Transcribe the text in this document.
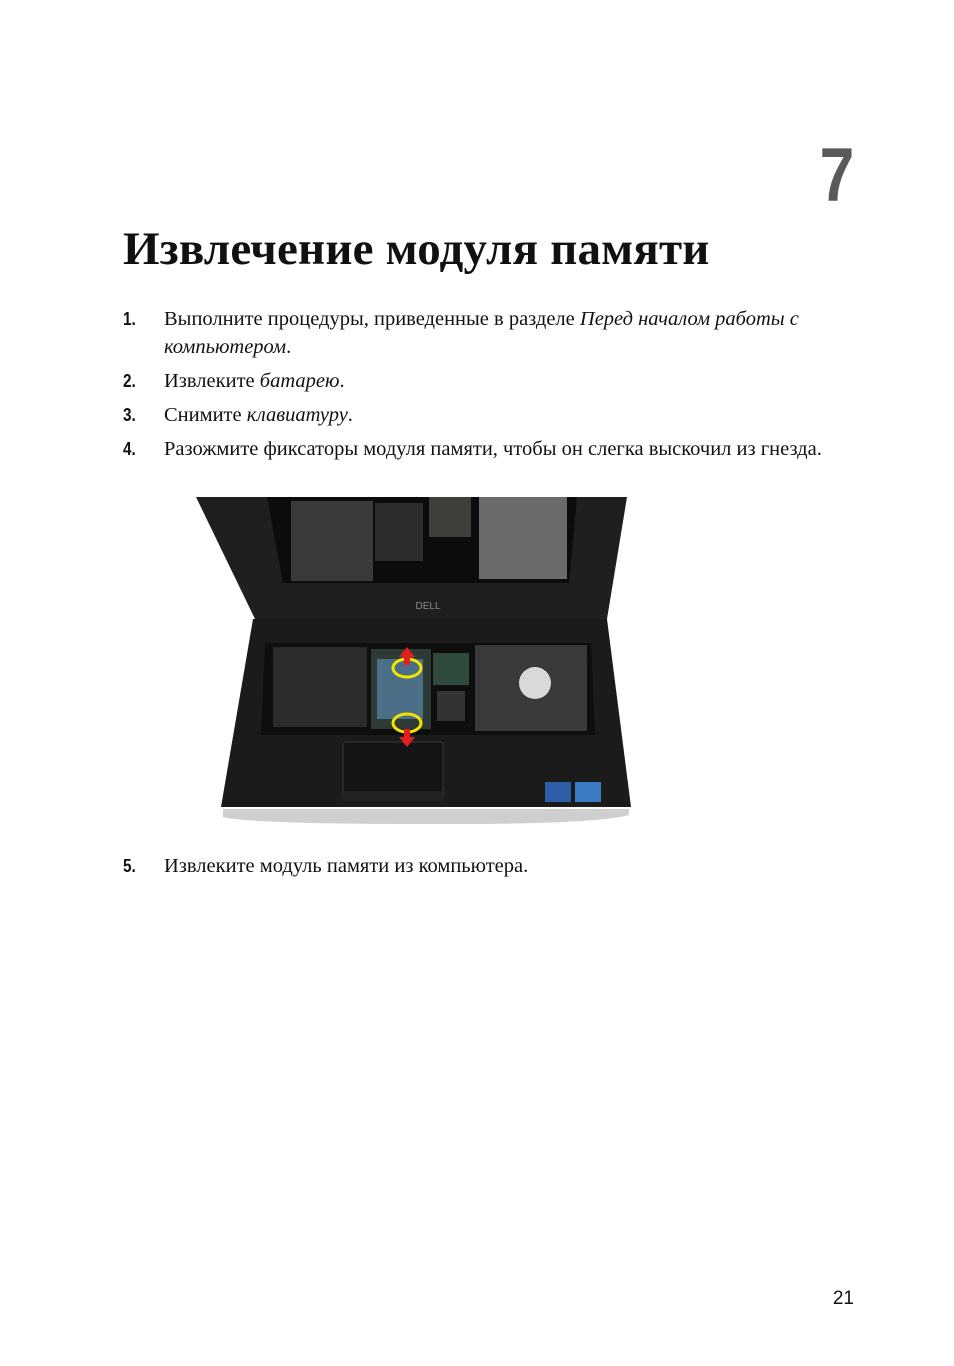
7
Извлечение модуля памяти
1. Выполните процедуры, приведенные в разделе Перед началом работы с компьютером.
2. Извлеките батарею.
3. Снимите клавиатуру.
4. Разожмите фиксаторы модуля памяти, чтобы он слегка выскочил из гнезда.
DELL
5. Извлеките модуль памяти из компьютера.
21
